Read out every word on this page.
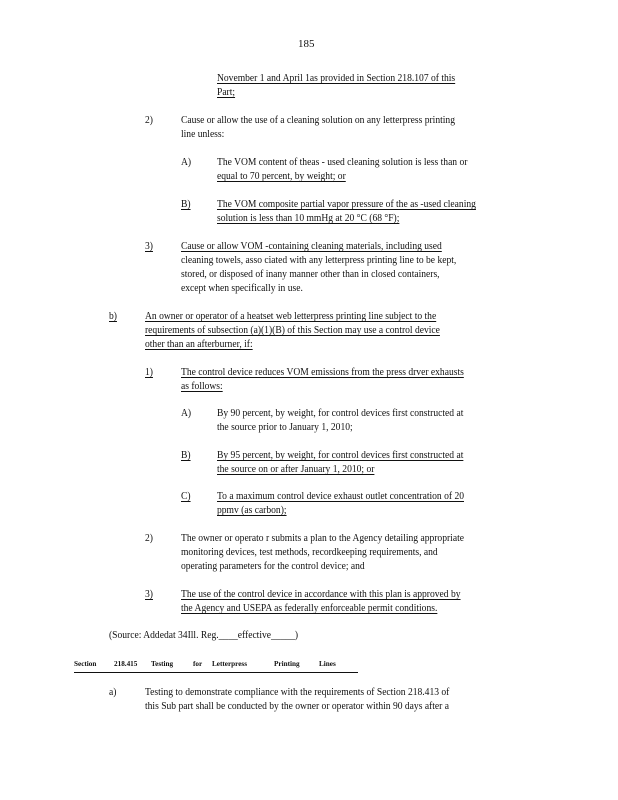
185
November 1 and April 1as provided in Section 218.107 of this
Part;
2)	Cause or allow the use of a cleaning solution on any letterpress printing
line unless:
A) The VOM content of theas - used cleaning solution is less than or
equal to 70 percent, by weight; or
B)	The VOM composite partial vapor pressure of the as -used cleaning
solution is less than 10 mmHg at 20 °C (68 °F);
3)	Cause or allow VOM -containing cleaning materials, including used
cleaning towels, asso ciated with any letterpress printing line to be kept,
stored, or disposed of inany manner other than in closed containers,
except when specifically in use.
b)	An owner or operator of a heatset web letterpress printing line subject to the
requirements of subsection (a)(1)(B) of this Section may use a control device
other than an afterburner, if:
1)	The control device reduces VOM emissions from the press drver exhausts
as follows:
A) By 90 percent, by weight, for control devices first constructed at
the source prior to January 1, 2010;
B)	By 95 percent, by weight, for control devices first constructed at
the source on or after January 1, 2010; or
C)	To a maximum control device exhaust outlet concentration of 20
ppmv (as carbon);
2)	The owner or operato r submits a plan to the Agency detailing appropriate
monitoring devices, test methods, recordkeeping requirements, and
operating parameters for the control device; and
3)	The use of the control device in accordance with this plan is approved by
the Agency and USEPA as federally enforceable permit conditions.
(Source: Addedat 34Ill. Reg.____effective_____)
Section 218.415 Testing	for Letterpress	Printing	Lines
a)	Testing to demonstrate compliance with the requirements of Section 218.413 of
this Sub part shall be conducted by the owner or operator within 90 days after a
